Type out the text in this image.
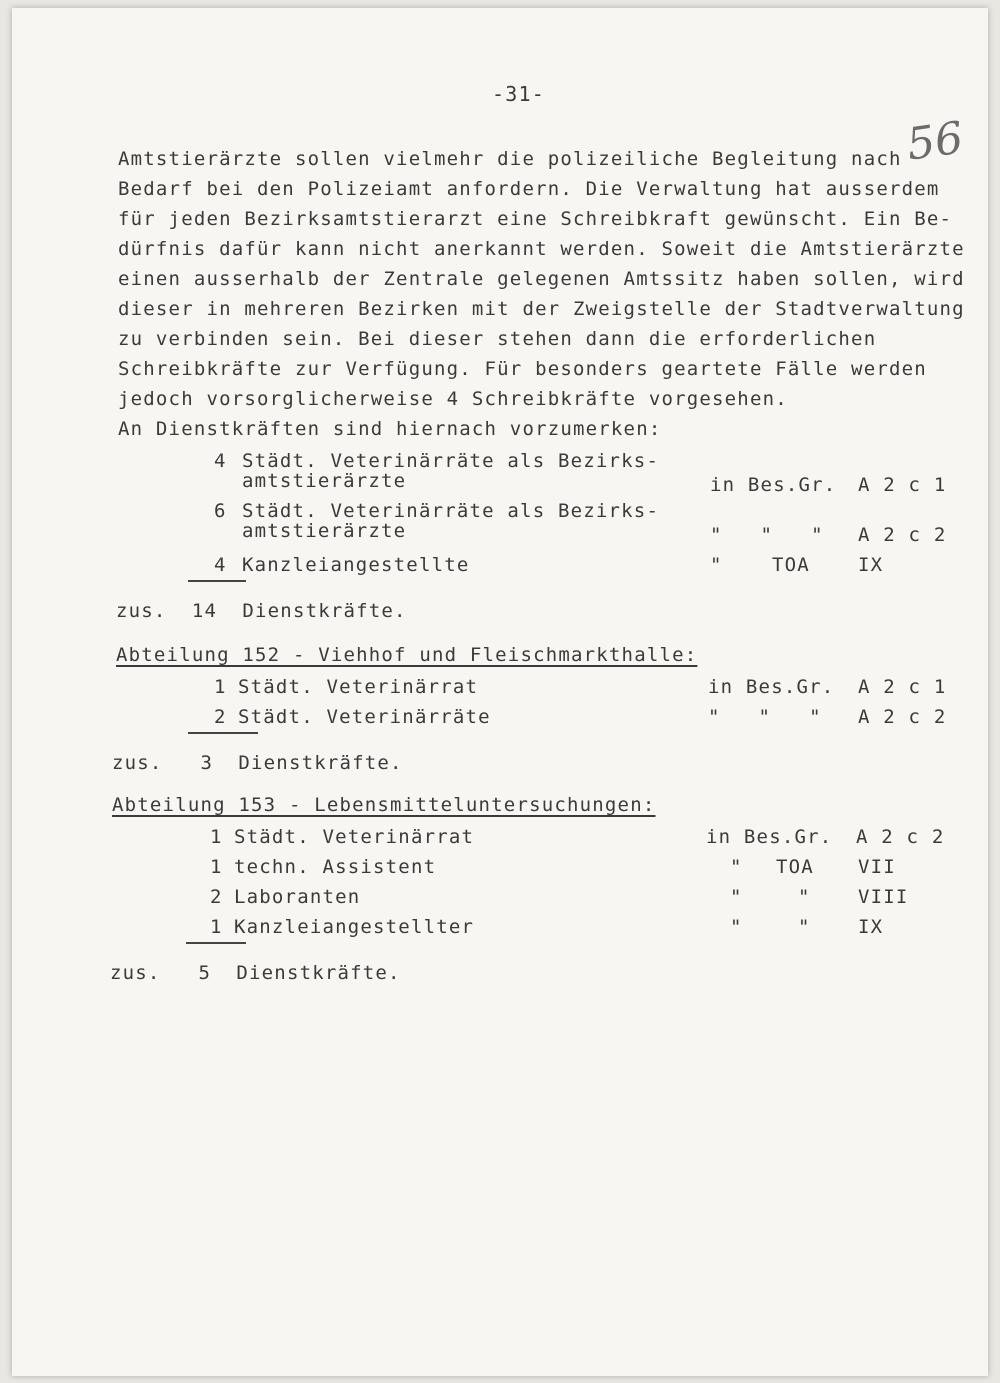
-31-
56
Amtstierärzte sollen vielmehr die polizeiliche Begleitung nach
Bedarf bei den Polizeiamt anfordern. Die Verwaltung hat ausserdem
für jeden Bezirksamtstierarzt eine Schreibkraft gewünscht. Ein Be-
dürfnis dafür kann nicht anerkannt werden. Soweit die Amtstierärzte
einen ausserhalb der Zentrale gelegenen Amtssitz haben sollen, wird
dieser in mehreren Bezirken mit der Zweigstelle der Stadtverwaltung
zu verbinden sein. Bei dieser stehen dann die erforderlichen
Schreibkräfte zur Verfügung. Für besonders geartete Fälle werden
jedoch vorsorglicherweise 4 Schreibkräfte vorgesehen.
An Dienstkräften sind hiernach vorzumerken:
4 Städt. Veterinärräte als Bezirks-
amtstierärzte	in Bes.Gr. A 2 c 1
6 Städt. Veterinärräte als Bezirks-
amtstierärzte	"   "   " A 2 c 2
4 Kanzleiangestellte	"	TOA	IX
zus.  14  Dienstkräfte.
Abteilung 152 - Viehhof und Fleischmarkthalle:
1 Städt. Veterinärrat	in Bes.Gr. A 2 c 1
2 Städt. Veterinärräte	"   "   " A 2 c 2
zus.   3  Dienstkräfte.
Abteilung 153 - Lebensmitteluntersuchungen:
1 Städt. Veterinärrat	in Bes.Gr. A 2 c 2
1 techn. Assistent	" TOA VII
2 Laboranten	"	" VIII
1 Kanzleiangestellter	"	" IX
zus.   5  Dienstkräfte.
